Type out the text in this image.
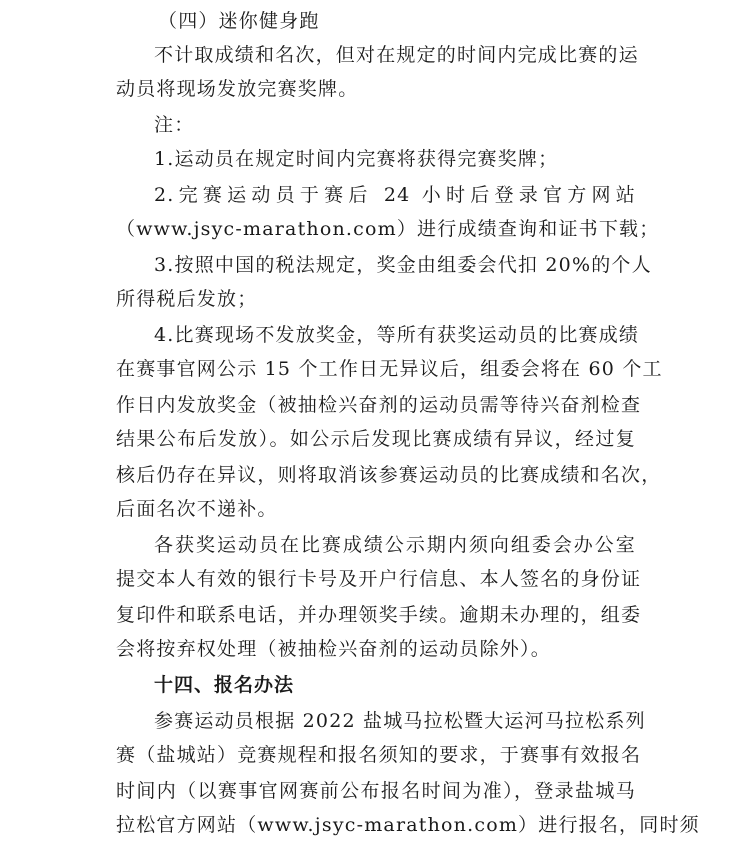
（四）迷你健身跑
不计取成绩和名次，但对在规定的时间内完成比赛的运
动员将现场发放完赛奖牌。
注：
1.运动员在规定时间内完赛将获得完赛奖牌；
2.完赛运动员于赛后 24 小时后登录官方网站
（www.jsyc-marathon.com）进行成绩查询和证书下载；
3.按照中国的税法规定，奖金由组委会代扣 20%的个人
所得税后发放；
4.比赛现场不发放奖金，等所有获奖运动员的比赛成绩
在赛事官网公示 15 个工作日无异议后，组委会将在 60 个工
作日内发放奖金（被抽检兴奋剂的运动员需等待兴奋剂检查
结果公布后发放）。如公示后发现比赛成绩有异议，经过复
核后仍存在异议，则将取消该参赛运动员的比赛成绩和名次，
后面名次不递补。
各获奖运动员在比赛成绩公示期内须向组委会办公室
提交本人有效的银行卡号及开户行信息、本人签名的身份证
复印件和联系电话，并办理领奖手续。逾期未办理的，组委
会将按弃权处理（被抽检兴奋剂的运动员除外）。
十四、报名办法
参赛运动员根据 2022 盐城马拉松暨大运河马拉松系列
赛（盐城站）竞赛规程和报名须知的要求，于赛事有效报名
时间内（以赛事官网赛前公布报名时间为准），登录盐城马
拉松官方网站（www.jsyc-marathon.com）进行报名，同时须
